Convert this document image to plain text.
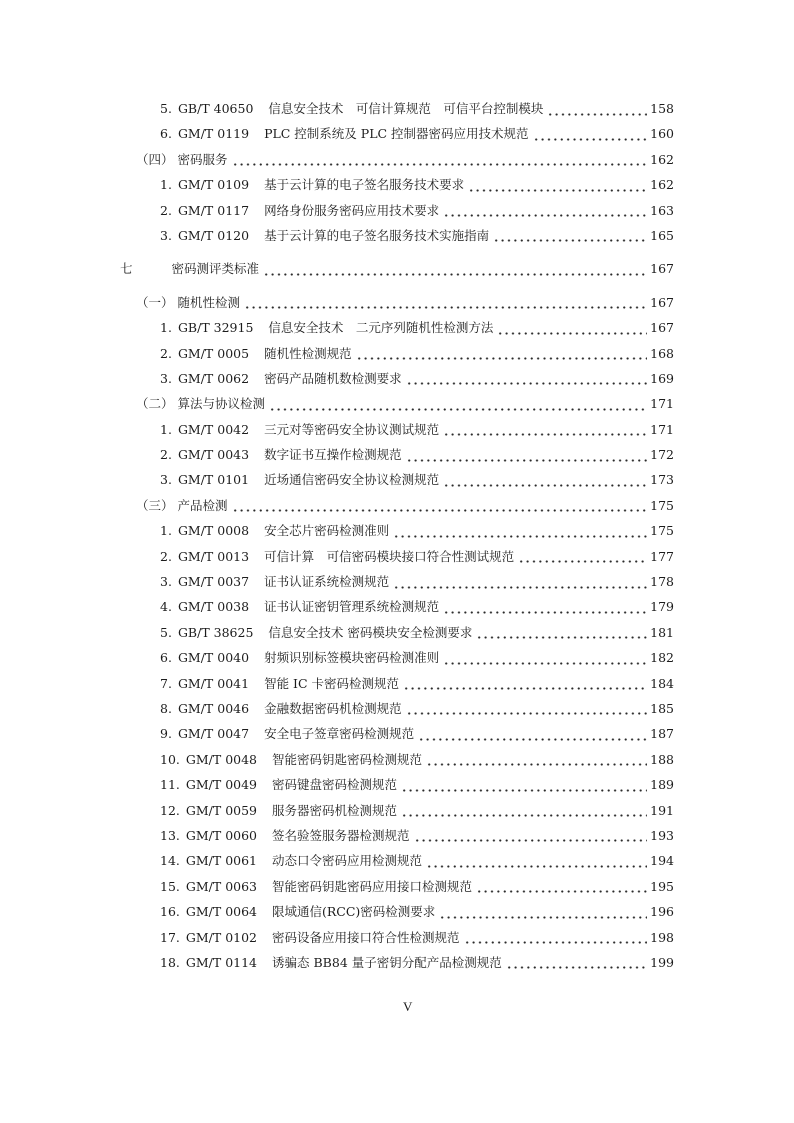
5. GB/T 40650 信息安全技术　可信计算规范　可信平台控制模块	158
6. GM/T 0119 PLC 控制系统及 PLC 控制器密码应用技术规范	160
（四） 密码服务	162
1. GM/T 0109 基于云计算的电子签名服务技术要求	162
2. GM/T 0117 网络身份服务密码应用技术要求	163
3. GM/T 0120 基于云计算的电子签名服务技术实施指南	165
七	密码测评类标准	167
（一） 随机性检测	167
1. GB/T 32915 信息安全技术　二元序列随机性检测方法	167
2. GM/T 0005 随机性检测规范	168
3. GM/T 0062 密码产品随机数检测要求	169
（二） 算法与协议检测	171
1. GM/T 0042 三元对等密码安全协议测试规范	171
2. GM/T 0043 数字证书互操作检测规范	172
3. GM/T 0101 近场通信密码安全协议检测规范	173
（三） 产品检测	175
1. GM/T 0008 安全芯片密码检测准则	175
2. GM/T 0013 可信计算　可信密码模块接口符合性测试规范	177
3. GM/T 0037 证书认证系统检测规范	178
4. GM/T 0038 证书认证密钥管理系统检测规范	179
5. GB/T 38625 信息安全技术 密码模块安全检测要求	181
6. GM/T 0040 射频识别标签模块密码检测准则	182
7. GM/T 0041 智能 IC 卡密码检测规范	184
8. GM/T 0046 金融数据密码机检测规范	185
9. GM/T 0047 安全电子签章密码检测规范	187
10. GM/T 0048 智能密码钥匙密码检测规范	188
11. GM/T 0049 密码键盘密码检测规范	189
12. GM/T 0059 服务器密码机检测规范	191
13. GM/T 0060 签名验签服务器检测规范	193
14. GM/T 0061 动态口令密码应用检测规范	194
15. GM/T 0063 智能密码钥匙密码应用接口检测规范	195
16. GM/T 0064 限域通信(RCC)密码检测要求	196
17. GM/T 0102 密码设备应用接口符合性检测规范	198
18. GM/T 0114 诱骗态 BB84 量子密钥分配产品检测规范	199
V
